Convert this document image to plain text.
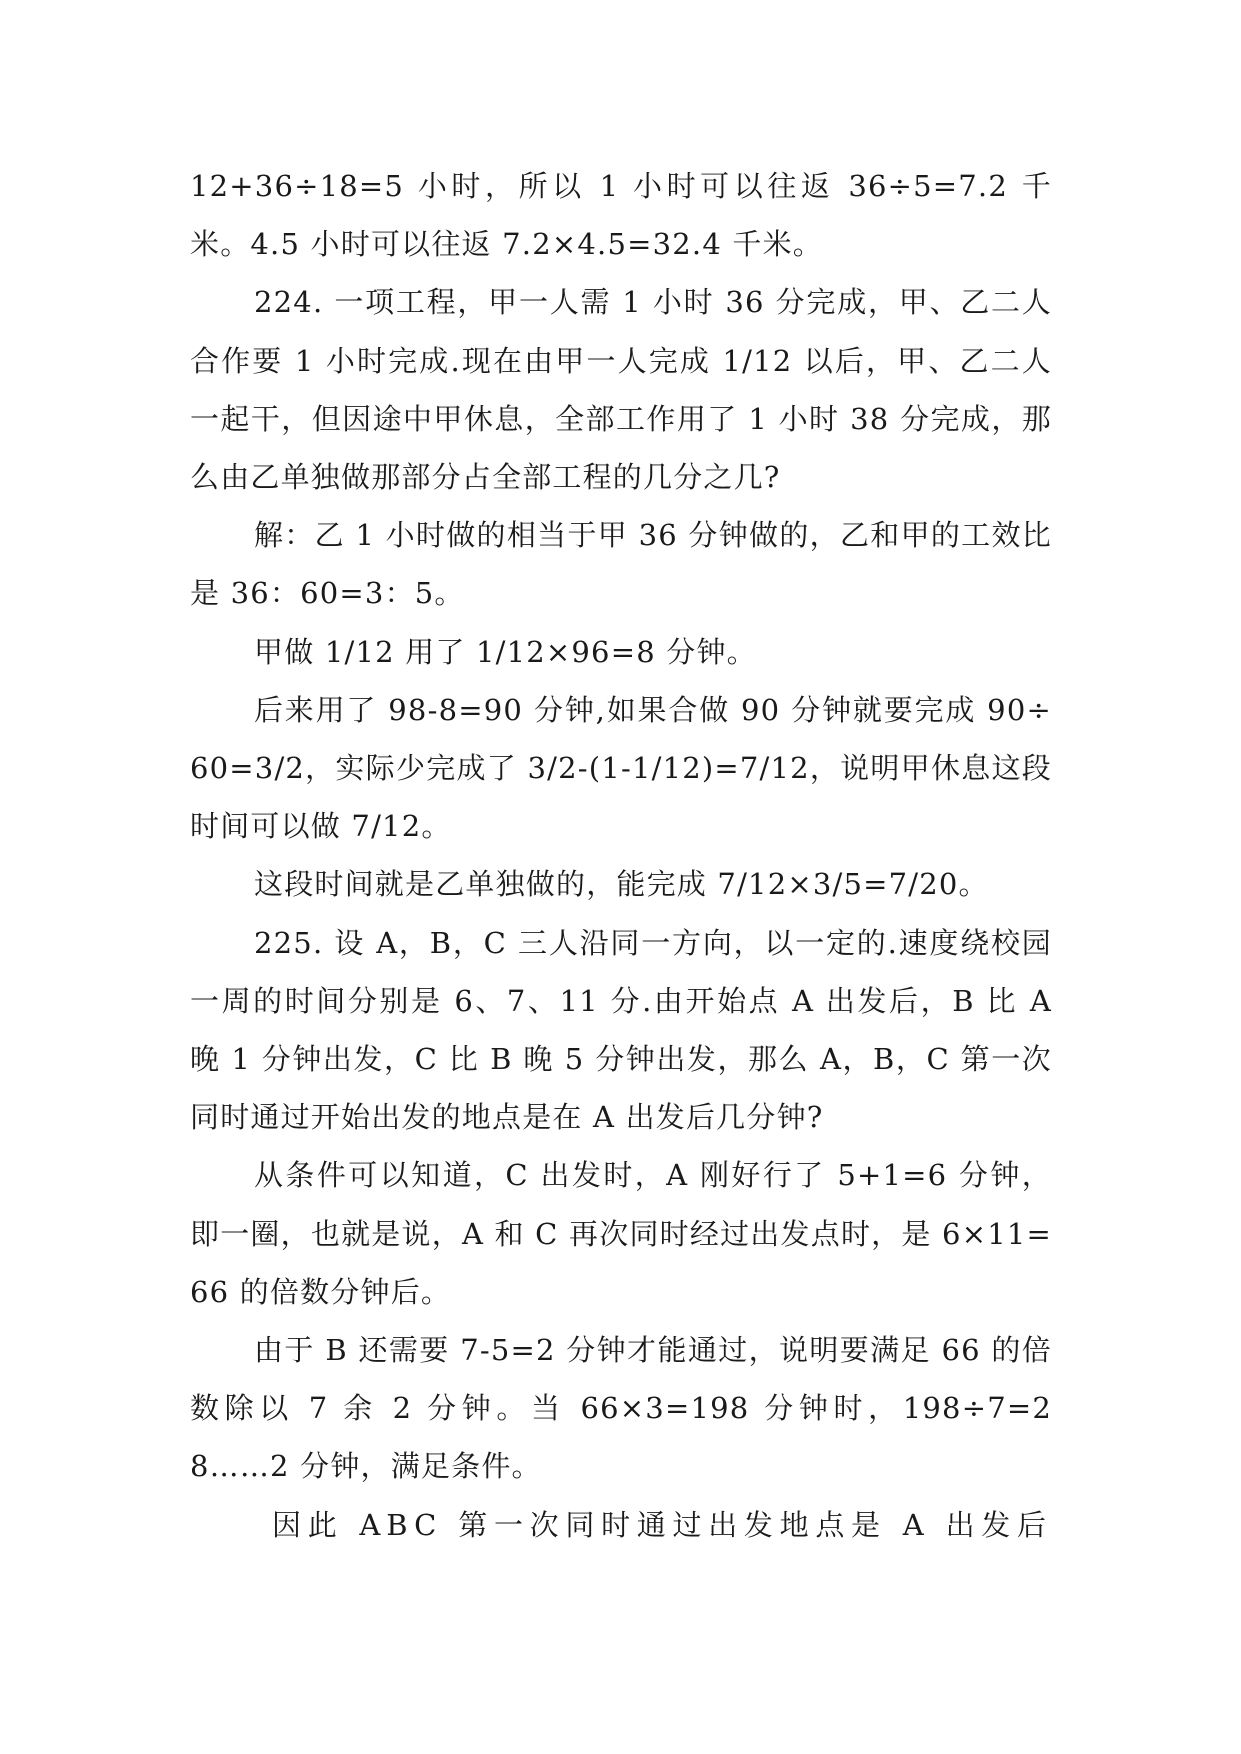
12+36÷18=5 小时，所以 1 小时可以往返 36÷5=7.2 千米。4.5 小时可以往返 7.2×4.5=32.4 千米。

224. 一项工程，甲一人需 1 小时 36 分完成，甲、乙二人合作要 1 小时完成.现在由甲一人完成 1/12 以后，甲、乙二人一起干，但因途中甲休息，全部工作用了 1 小时 38 分完成，那么由乙单独做那部分占全部工程的几分之几?

解：乙 1 小时做的相当于甲 36 分钟做的，乙和甲的工效比是 36：60=3：5。

甲做 1/12 用了 1/12×96=8 分钟。

后来用了 98-8=90 分钟,如果合做 90 分钟就要完成 90÷60=3/2，实际少完成了 3/2-(1-1/12)=7/12，说明甲休息这段时间可以做 7/12。

这段时间就是乙单独做的，能完成 7/12×3/5=7/20。

225. 设 A，B，C 三人沿同一方向，以一定的.速度绕校园一周的时间分别是 6、7、11 分.由开始点 A 出发后，B 比 A 晚 1 分钟出发，C 比 B 晚 5 分钟出发，那么 A，B，C 第一次同时通过开始出发的地点是在 A 出发后几分钟?

从条件可以知道，C 出发时，A 刚好行了 5+1=6 分钟，即一圈，也就是说，A 和 C 再次同时经过出发点时，是 6×11=66 的倍数分钟后。

由于 B 还需要 7-5=2 分钟才能通过，说明要满足 66 的倍数除以 7 余 2 分钟。当 66×3=198 分钟时，198÷7=28……2 分钟，满足条件。

因此 ABC 第一次同时通过出发地点是 A 出发后
